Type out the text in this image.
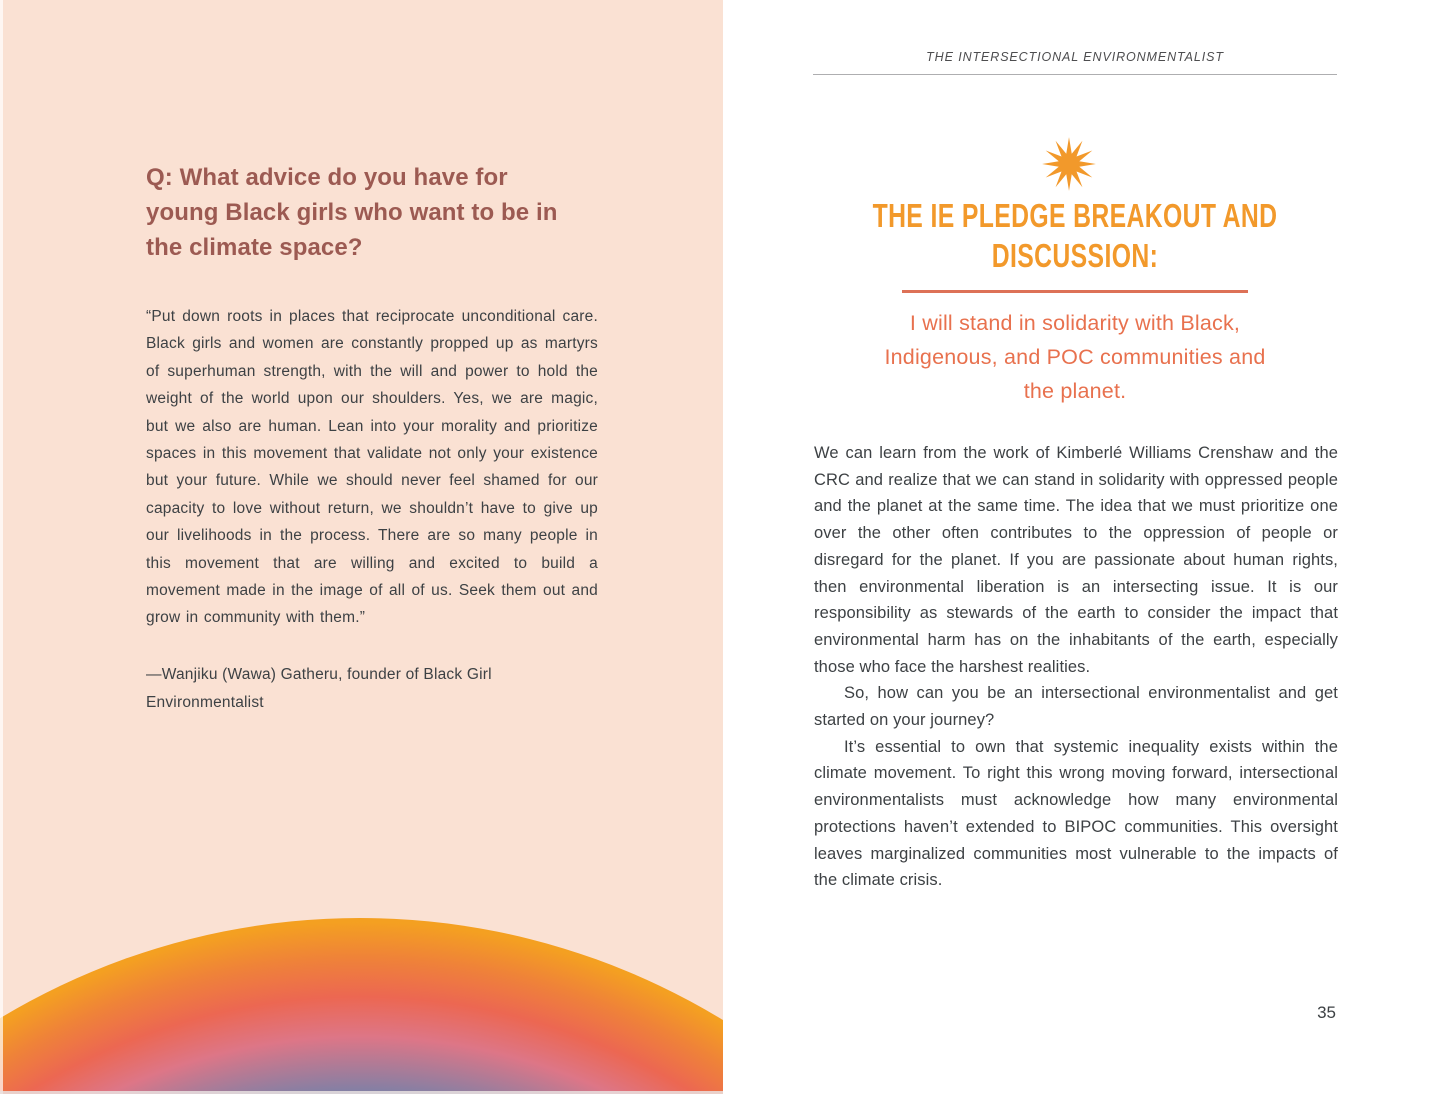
Q: What advice do you have for young Black girls who want to be in the climate space?

“Put down roots in places that reciprocate unconditional care. Black girls and women are constantly propped up as martyrs of superhuman strength, with the will and power to hold the weight of the world upon our shoulders. Yes, we are magic, but we also are human. Lean into your morality and prioritize spaces in this movement that validate not only your existence but your future. While we should never feel shamed for our capacity to love without return, we shouldn’t have to give up our livelihoods in the process. There are so many people in this movement that are willing and excited to build a movement made in the image of all of us. Seek them out and grow in community with them.”

—Wanjiku (Wawa) Gatheru, founder of Black Girl Environmentalist

THE INTERSECTIONAL ENVIRONMENTALIST
THE IE PLEDGE BREAKOUT AND
DISCUSSION:
I will stand in solidarity with Black,
Indigenous, and POC communities and
the planet.

We can learn from the work of Kimberlé Williams Crenshaw and the CRC and realize that we can stand in solidarity with oppressed people and the planet at the same time. The idea that we must prioritize one over the other often contributes to the oppression of people or disregard for the planet. If you are passionate about human rights, then environmental liberation is an intersecting issue. It is our responsibility as stewards of the earth to consider the impact that environmental harm has on the inhabitants of the earth, especially those who face the harshest realities.

So, how can you be an intersectional environmentalist and get started on your journey?

It’s essential to own that systemic inequality exists within the climate movement. To right this wrong moving forward, intersectional environmentalists must acknowledge how many environmental protections haven’t extended to BIPOC communities. This oversight leaves marginalized communities most vulnerable to the impacts of the climate crisis.

35
